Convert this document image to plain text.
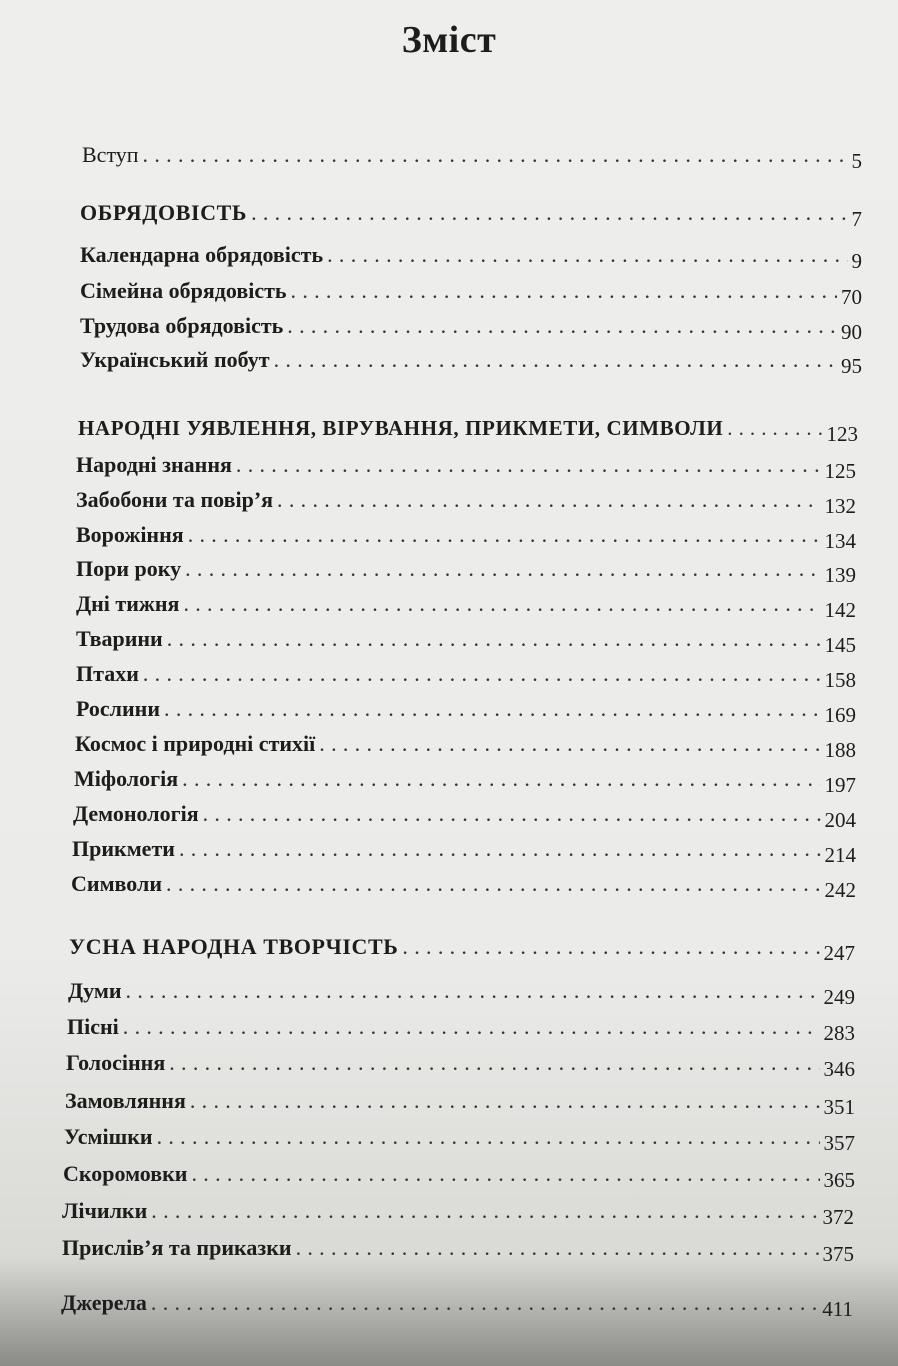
Зміст
Вступ . . .	5
ОБРЯДОВІСТЬ . . .	7
Календарна обрядовість . . .	9
Сімейна обрядовість . . .	70
Трудова обрядовість . . .	90
Український побут . . .	95
НАРОДНІ УЯВЛЕННЯ, ВІРУВАННЯ, ПРИКМЕТИ, СИМВОЛИ . . .	123
Народні знання . . .	125
Забобони та повір’я . . .	132
Ворожіння . . .	134
Пори року . . .	139
Дні тижня . . .	142
Тварини . . .	145
Птахи . . .	158
Рослини . . .	169
Космос і природні стихії . . .	188
Міфологія . . .	197
Демонологія . . .	204
Прикмети . . .	214
Символи . . .	242
УСНА НАРОДНА ТВОРЧІСТЬ . . .	247
Думи . . .	249
Пісні . . .	283
Голосіння . . .	346
Замовляння . . .	351
Усмішки . . .	357
Скоромовки . . .	365
Лічилки . . .	372
Прислів’я та приказки . . .	375
Джерела . . .	411
